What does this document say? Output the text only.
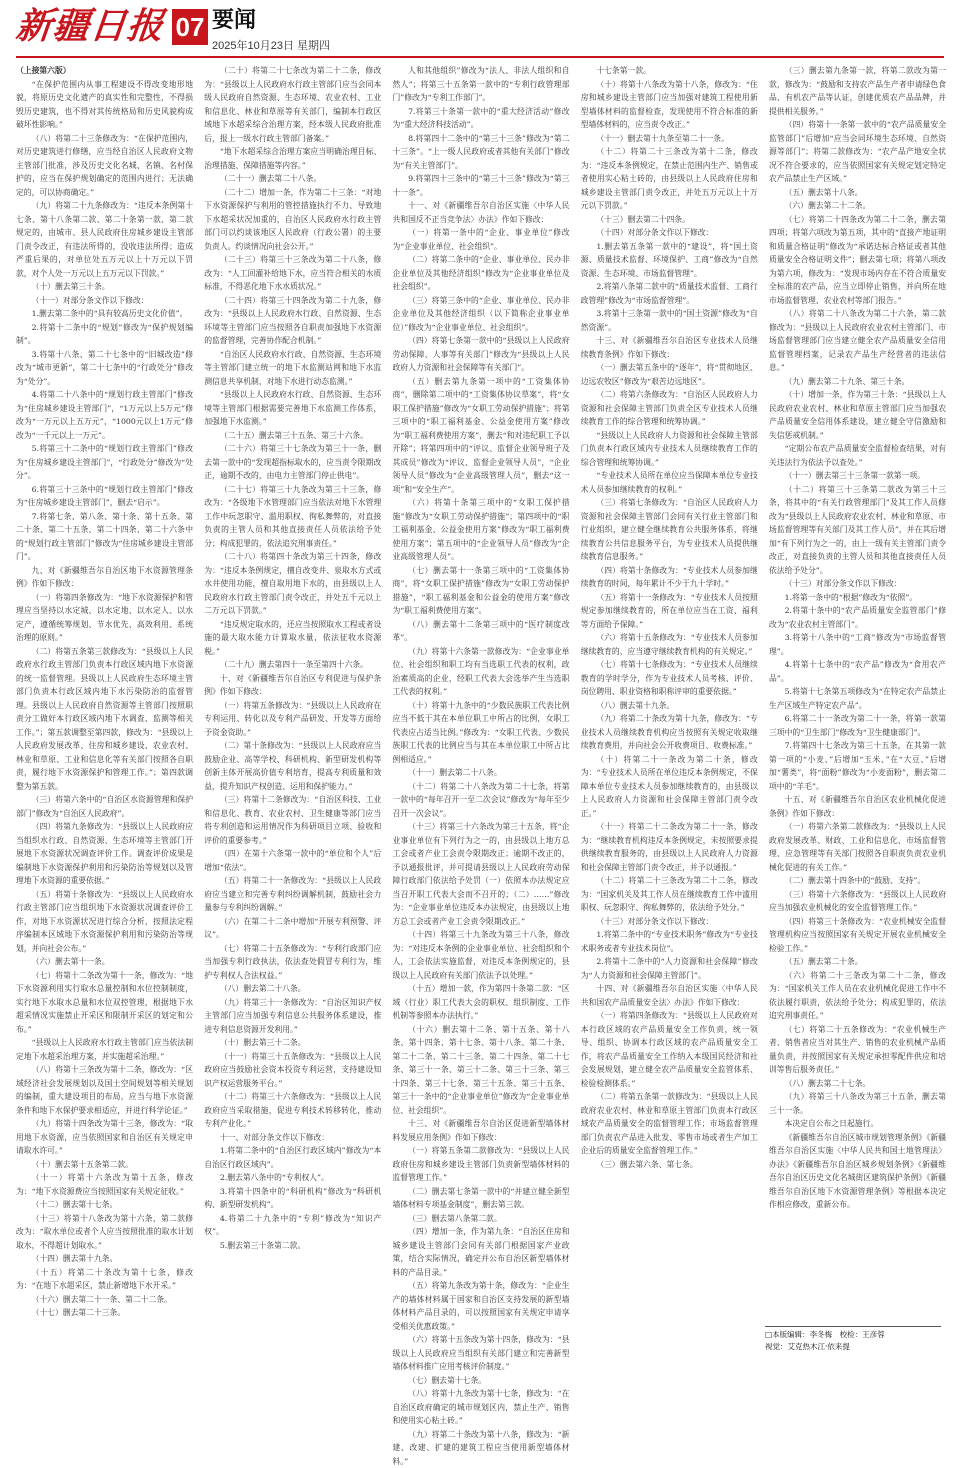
新疆日报 07 要闻
2025年10月23日 星期四

（上接第六版）

“在保护范围内从事工程建设不得改变地形地貌，将原历史文化遗产的真实性和完整性，不得损毁历史建筑，也不得对其传统格局和历史风貌构成破坏性影响。”

（八）将第二十三条修改为：“在保护范围内，对历史建筑进行修缮，应当经自治区人民政府文物主管部门批准，涉及历史文化名城、名镇、名村保护的，应当在保护规划确定的范围内进行；无法确定的，可以协商确定。”

（九）将第二十九条修改为：“违反本条例第十七条、第十八条第二款、第二十条第一款、第二款规定的，由城市、县人民政府住房城乡建设主管部门责令改正，有违法所得的，没收违法所得；造成严重后果的，对单位处五万元以上十万元以下罚款，对个人处一万元以上五万元以下罚款。”

（十）删去第三十条。

（十一）对部分条文作以下修改：

1.删去第二条中的“具有较高历史文化价值”。

2.将第十二条中的“规划”修改为“保护规划编制”。

3.将第十八条、第二十七条中的“旧城改造”修改为“城市更新”，第二十七条中的“行政处分”修改为“处分”。

4.将第二十八条中的“规划行政主管部门”修改为“住房城乡建设主管部门”，“1万元以上5万元”修改为“一万元以上五万元”，“1000元以上1万元”修改为“一千元以上一万元”。

5.将第三十二条中的“规划行政主管部门”修改为“住房城乡建设主管部门”，“行政处分”修改为“处分”。

6.将第三十三条中的“规划行政主管部门”修改为“住房城乡建设主管部门”，删去“启示”。

7.将第七条、第八条、第十条、第十五条、第二十条、第二十五条、第二十四条、第二十六条中的“规划行政主管部门”修改为“住房城乡建设主管部门”。

九、对《新疆维吾尔自治区地下水资源管理条例》作如下修改：

（一）将第四条修改为：“地下水资源保护和管理应当坚持以水定城、以水定地、以水定人、以水定产，遵循统筹规划、节水优先、高效利用、系统治理的原则。”

（二）将第五条第三款修改为：“县级以上人民政府水行政主管部门负责本行政区域内地下水资源的统一监督管理。县级以上人民政府生态环境主管部门负责本行政区域内地下水污染防治的监督管理。县级以上人民政府自然资源等主管部门按照职责分工做好本行政区域内地下水调查、监测等相关工作。”；第五款调整至第四款，修改为：“县级以上人民政府发展改革、住房和城乡建设、农业农村、林业和草原、工业和信息化等有关部门按照各自职责，履行地下水资源保护和管理工作。”；第四款调整为第五款。

（三）将第六条中的“自治区水资源管理和保护部门”修改为“自治区人民政府”。

（四）将第九条修改为：“县级以上人民政府应当组织水行政、自然资源、生态环境等主管部门开展地下水资源状况调查评价工作。调查评价成果是编制地下水资源保护利用和污染防治等规划以及管理地下水资源的重要依据。”

（五）将第十条修改为：“县级以上人民政府水行政主管部门应当组织地下水资源状况调查评价工作，对地下水资源状况进行综合分析，按照法定程序编制本区域地下水资源保护利用和污染防治等规划，并向社会公布。”

（六）删去第十一条。

（七）将第十二条改为第十一条，修改为：“地下水资源利用实行取水总量控制和水位控制制度，实行地下水取水总量和水位双控管理，根据地下水超采情况实施禁止开采区和限制开采区的划定和公布。”

“县级以上人民政府水行政主管部门应当依法制定地下水超采治理方案，并实施超采治理。”

（八）将第十三条改为第十二条，修改为：“区域经济社会发展规划以及国土空间规划等相关规划的编制，重大建设项目的布局，应当与地下水资源条件和地下水保护要求相适应，并进行科学论证。”

（九）将第十四条改为第十三条，修改为：“取用地下水资源，应当依照国家和自治区有关规定申请取水许可。”

（十）删去第十五条第二款。

（十一）将第十六条改为第十五条，修改为：“地下水资源费应当按照国家有关规定征收。”

（十二）删去第十七条。

（十三）将第十八条改为第十六条，第二款修改为：“取水单位或者个人应当按照批准的取水计划取水，不得超计划取水。”

（十四）删去第十九条。

（十五）将第二十条改为第十七条，修改为：“在地下水超采区，禁止新增地下水开采。”

（十六）删去第二十一条、第二十二条。

（十七）删去第二十三条。

（二十）将第二十七条改为第二十二条，修改为：“县级以上人民政府水行政主管部门应当会同本级人民政府自然资源、生态环境、农业农村、工业和信息化、林业和草原等有关部门，编制本行政区域地下水超采综合治理方案，经本级人民政府批准后，报上一级水行政主管部门备案。”

“地下水超采综合治理方案应当明确治理目标、治理措施、保障措施等内容。”

（二十一）删去第二十八条。

（二十二）增加一条，作为第二十三条：“对地下水资源保护与利用的管控措施执行不力、导致地下水超采状况加重的，自治区人民政府水行政主管部门可以约谈该地区人民政府（行政公署）的主要负责人。约谈情况向社会公开。”

（二十三）将第三十三条改为第二十八条，修改为：“人工回灌补给地下水，应当符合相关的水质标准，不得恶化地下水水质状况。”

（二十四）将第三十四条改为第二十九条，修改为：“县级以上人民政府水行政、自然资源、生态环境等主管部门应当按照各自职责加强地下水资源的监督管理，完善协作配合机制。”

“自治区人民政府水行政、自然资源、生态环境等主管部门建立统一的地下水监测站网和地下水监测信息共享机制，对地下水进行动态监测。”

“县级以上人民政府水行政、自然资源、生态环境等主管部门根据需要完善地下水监测工作体系，加强地下水监测。”

（二十五）删去第三十五条、第三十六条。

（二十六）将第三十七条改为第三十一条，删去第一款中的“发现超指标取水的，应当责令限期改正，逾期不改的，由电力主管部门停止供电”。

（二十七）将第三十九条改为第三十三条，修改为：“各级地下水管理部门应当依法对地下水管理工作中玩忽职守、滥用职权、徇私舞弊的，对直接负责的主管人员和其他直接责任人员依法给予处分；构成犯罪的，依法追究刑事责任。”

（二十八）将第四十条改为第三十四条，修改为：“违反本条例规定，擅自改变井、泉取水方式或水井使用功能，擅自取用地下水的，由县级以上人民政府水行政主管部门责令改正，并处五千元以上二万元以下罚款。”

“违反规定取水的，还应当按照取水工程或者设施的最大取水能力计算取水量，依法征收水资源税。”

（二十九）删去第四十一条至第四十六条。

十、对《新疆维吾尔自治区专利促进与保护条例》作如下修改：

（一）将第五条修改为：“县级以上人民政府在专利运用、转化以及专利产品研发、开发等方面给予资金资助。”

（二）第十条修改为：“县级以上人民政府应当鼓励企业、高等学校、科研机构、新型研发机构等创新主体开展高价值专利培育，提高专利质量和效益，提升知识产权创造、运用和保护能力。”

（三）将第十二条修改为：“自治区科技、工业和信息化、教育、农业农村、卫生健康等部门应当将专利创造和运用情况作为科研项目立项、验收和评价的重要参考。”

（四）在第十六条第一款中的“单位和个人”后增加“依法”。

（五）将第二十一条修改为：“县级以上人民政府应当建立和完善专利纠纷调解机制，鼓励社会力量参与专利纠纷调解。”

（六）在第二十二条中增加“开展专利预警、评议”。

（七）将第二十五条修改为：“专利行政部门应当加强专利行政执法，依法查处假冒专利行为，维护专利权人合法权益。”

（八）删去第二十八条。

（九）将第三十一条修改为：“自治区知识产权主管部门应当加强专利信息公共服务体系建设，推进专利信息资源开发利用。”

（十）删去第三十二条。

（十一）将第三十五条修改为：“县级以上人民政府应当鼓励社会资本投资专利运营，支持建设知识产权运营服务平台。”

（十二）将第三十六条修改为：“县级以上人民政府应当采取措施，促进专利技术转移转化，推动专利产业化。”

十一、对部分条文作以下修改：

1.将第二条中的“自治区行政区域内”修改为“本自治区行政区域内”。

2.删去第八条中的“专利权人”。

3.将第十四条中的“科研机构”修改为“科研机构、新型研发机构”。

4.将第二十九条中的“专利”修改为“知识产权”。

5.删去第三十条第二款。

人和其他组织”修改为“法人、非法人组织和自然人”；将第三十五条第一款中的“专利行政管理部门”修改为“专利工作部门”。

7.将第三十条第一款中的“重大经济活动”修改为“重大经济科技活动”。

8.将第四十二条中的“第三十三条”修改为“第二十三条”。“上一级人民政府或者其他有关部门”修改为“有关主管部门”。

9.将第四十三条中的“第三十三条”修改为“第三十一条”。

十一、对《新疆维吾尔自治区实施〈中华人民共和国反不正当竞争法〉办法》作如下修改：

（一）将第一条中的“企业、事业单位”修改为“企业事业单位、社会组织”。

（二）将第二条中的“企业、事业单位、民办非企业单位及其他经济组织”修改为“企业事业单位及社会组织”。

（三）将第三条中的“企业、事业单位、民办非企业单位及其他经济组织（以下简称企业事业单位）”修改为“企业事业单位、社会组织”。

（四）将第七条第一款中的“县级以上人民政府劳动保障、人事等有关部门”修改为“县级以上人民政府人力资源和社会保障等有关部门”。

（五）删去第九条第一项中的“工资集体协商”，删除第二项中的“工资集体协议草案”，将“女职工保护措施”修改为“女职工劳动保护措施”；将第三项中的“职工福利基金、公益金使用方案”修改为“职工福利费使用方案”，删去“和对违纪职工予以开除”；将第四项中的“评议、监督企业领导班子及其成员”修改为“评议、监督企业领导人员”，“企业领导人员”修改为“企业高级管理人员”，删去“这一项”和“安全生产”。

（六）将第十条第三项中的“女职工保护措施”修改为“女职工劳动保护措施”；第四项中的“职工福利基金、公益金使用方案”修改为“职工福利费使用方案”；第五项中的“企业领导人员”修改为“企业高级管理人员”。

（七）删去第十一条第三项中的“工资集体协商”，将“女职工保护措施”修改为“女职工劳动保护措施”，“职工福利基金和公益金的使用方案”修改为“职工福利费使用方案”。

（八）删去第十二条第三项中的“医疗制度改革”。

（九）将第十六条第一款修改为：“企业事业单位、社会组织和职工均有当选职工代表的权利，政治素质高的企业，经职工代表大会选举产生当选职工代表的权利。”

（十）将第十九条中的“少数民族职工代表比例应当不低于其在本单位职工中所占的比例，女职工代表应占适当比例。”修改为：“女职工代表、少数民族职工代表的比例应当与其在本单位职工中所占比例相适应。”

（十一）删去第二十八条。

（十二）将第二十八条改为第二十七条，将第一款中的“每年召开一至二次会议”修改为“每年至少召开一次会议”。

（十三）将第三十六条改为第三十五条，将“企业事业单位有下列行为之一的，由县级以上地方总工会或者产业工会责令限期改正；逾期不改正的，予以通报批评，并可提请县级以上人民政府劳动保障行政部门依法给予处罚（一）依照本办法规定应当召开职工代表大会而不召开的；（二）……”修改为：“企业事业单位违反本办法规定，由县级以上地方总工会或者产业工会责令限期改正。”

（十四）将第三十九条改为第三十八条，修改为：“对违反本条例的企业事业单位、社会组织和个人，工会依法实施监督，对违反本条例规定的，县级以上人民政府有关部门依法予以处理。”

（十五）增加一款，作为第四十条第二款：“区域（行业）职工代表大会的职权、组织制度、工作机制等参照本办法执行。”

（十六）删去第十二条、第十五条、第十八条、第十四条、第十七条、第十八条、第二十条、第二十二条、第二十三条、第二十四条、第二十七条、第三十一条、第三十二条、第三十三条、第三十四条、第三十七条、第三十五条、第三十五条、第三十一条中的“企业事业单位”修改为“企业事业单位、社会组织”。

十三、对《新疆维吾尔自治区促进新型墙体材料发展应用条例》作如下修改：

（一）将第五条第二款修改为：“县级以上人民政府住房和城乡建设主管部门负责新型墙体材料的监督管理工作。”

（二）删去第七条第一款中的“并建立健全新型墙体材料专项基金制度”，删去第三款。

（三）删去第八条第二款。

（四）增加一条，作为第九条：“自治区住房和城乡建设主管部门会同有关部门根据国家产业政策，结合实际情况，确定并公布自治区新型墙体材料的产品目录。”

（五）将第九条改为第十条，修改为：“企业生产的墙体材料属于国家和自治区支持发展的新型墙体材料产品目录的，可以按照国家有关规定申请享受相关优惠政策。”

（六）将第十五条改为第十四条，修改为：“县级以上人民政府应当组织有关部门建立和完善新型墙体材料推广应用考核评价制度。”

（七）删去第十七条。

（八）将第十九条改为第十七条，修改为：“在自治区政府确定的城市规划区内，禁止生产、销售和使用实心粘土砖。”

（九）将第二十条改为第十八条，修改为：“新建、改建、扩建的建筑工程应当使用新型墙体材料。”

十七条第一款。

（十）将第十八条改为第十八条，修改为：“住房和城乡建设主管部门应当加强对建筑工程使用新型墙体材料的监督检查，发现使用不符合标准的新型墙体材料的，应当责令改正。”

（十一）删去第十九条至第二十一条。

（十二）将第二十三条改为第十二条，修改为：“违反本条例规定，在禁止范围内生产、销售或者使用实心粘土砖的，由县级以上人民政府住房和城乡建设主管部门责令改正，并处五万元以上十万元以下罚款。”

（十三）删去第二十四条。

（十四）对部分条文作以下修改：

1.删去第五条第一款中的“建设”，将“国土资源、质量技术监督、环境保护、工商”修改为“自然资源、生态环境、市场监督管理”。

2.将第八条第二款中的“质量技术监督、工商行政管理”修改为“市场监督管理”。

3.将第十三条第一款中的“国土资源”修改为“自然资源”。

十三、对《新疆维吾尔自治区专业技术人员继续教育条例》作如下修改：

（一）删去第五条中的“逐年”，将“贯彻地区、边远农牧区”修改为“艰苦边远地区”。

（二）将第六条修改为：“自治区人民政府人力资源和社会保障主管部门负责全区专业技术人员继续教育工作的综合管理和统筹协调。”

“县级以上人民政府人力资源和社会保障主管部门负责本行政区域内专业技术人员继续教育工作的综合管理和统筹协调。”

“专业技术人员所在单位应当保障本单位专业技术人员参加继续教育的权利。”

（三）将第七条修改为：“自治区人民政府人力资源和社会保障主管部门会同有关行业主管部门和行业组织，建立健全继续教育公共服务体系，将继续教育公共信息服务平台，为专业技术人员提供继续教育信息服务。”

（四）将第十条修改为：“专业技术人员参加继续教育的时间，每年累计不少于九十学时。”

（五）将第十一条修改为：“专业技术人员按照规定参加继续教育的，所在单位应当在工资、福利等方面给予保障。”

（六）将第十五条修改为：“专业技术人员参加继续教育的，应当遵守继续教育机构的有关规定。”

（七）将第十七条修改为：“专业技术人员继续教育的学时学分，作为专业技术人员考核、评价、岗位聘用、职业资格和职称评审的重要依据。”

（八）删去第十九条。

（九）将第二十条改为第十九条，修改为：“专业技术人员继续教育机构应当按照有关规定收取继续教育费用，并向社会公开收费项目、收费标准。”

（十）将第二十一条改为第二十条，修改为：“专业技术人员所在单位违反本条例规定，不保障本单位专业技术人员参加继续教育的，由县级以上人民政府人力资源和社会保障主管部门责令改正。”

（十一）将第二十二条改为第二十一条，修改为：“继续教育机构违反本条例规定，未按照要求提供继续教育服务的，由县级以上人民政府人力资源和社会保障主管部门责令改正，并予以通报。”

（十二）将第二十三条改为第二十二条，修改为：“国家机关及其工作人员在继续教育工作中滥用职权、玩忽职守、徇私舞弊的，依法给予处分。”

（十三）对部分条文作以下修改：

1.将第二条中的“专业技术职务”修改为“专业技术职务或者专业技术岗位”。

2.将第十二条中的“人力资源和社会保障”修改为“人力资源和社会保障主管部门”。

十四、对《新疆维吾尔自治区实施〈中华人民共和国农产品质量安全法〉办法》作如下修改：

（一）将第四条修改为：“县级以上人民政府对本行政区域的农产品质量安全工作负责，统一领导、组织、协调本行政区域的农产品质量安全工作，将农产品质量安全工作纳入本级国民经济和社会发展规划，建立健全农产品质量安全监管体系、检验检测体系。”

（二）将第五条第一款修改为：“县级以上人民政府农业农村、林业和草原主管部门负责本行政区域农产品质量安全的监督管理工作；市场监督管理部门负责农产品进入批发、零售市场或者生产加工企业后的质量安全监督管理工作。”

（三）删去第六条、第七条。

（三）删去第九条第一款，将第二款改为第一款，修改为：“鼓励和支持农产品生产者申请绿色食品、有机农产品等认证，创建优质农产品品牌，并提供相关服务。”

（四）将第十一条第一款中的“农产品质量安全监管部门”后增加“应当会同环境生态环境、自然资源等部门”；将第二款修改为：“农产品产地安全状况不符合要求的，应当依照国家有关规定划定特定农产品禁止生产区域。”

（五）删去第十八条。

（六）删去第二十二条。

（七）将第二十四条改为第二十二条，删去第四项；将第六项改为第五项，其中的“直接产地证明和质量合格证明”修改为“承诺达标合格证或者其他质量安全合格证明文件”；删去第七项；将第八项改为第六项，修改为：“发现市场内存在不符合质量安全标准的农产品，应当立即停止销售，并向所在地市场监督管理、农业农村等部门报告。”

（八）将第二十八条改为第二十六条，第二款修改为：“县级以上人民政府农业农村主管部门、市场监督管理部门应当建立健全农产品质量安全信用监督管理档案，记录农产品生产经营者的违法信息。”

（九）删去第二十九条、第三十条。

（十）增加一条，作为第三十条：“县级以上人民政府农业农村、林业和草原主管部门应当加强农产品质量安全信用体系建设，建立健全守信激励和失信惩戒机制。”

“定期公布农产品质量安全监督检查结果，对有关违法行为依法予以查处。”

（十一）删去第三十三条第一款第一项。

（十二）将第三十三条第二款改为第三十三条，将其中的“有关行政管理部门”及其工作人员修改为“县级以上人民政府农业农村、林业和草原、市场监督管理等有关部门及其工作人员”，并在其后增加“有下列行为之一的，由上一级有关主管部门责令改正，对直接负责的主管人员和其他直接责任人员依法给予处分”。

（十三）对部分条文作以下修改：

1.将第一条中的“根据”修改为“依照”。

2.将第十条中的“农产品质量安全监管部门”修改为“农业农村主管部门”。

3.将第十八条中的“工商”修改为“市场监督管理”。

4.将第十七条中的“农产品”修改为“食用农产品”。

5.将第十七条第五项修改为“在特定农产品禁止生产区域生产特定农产品”。

6.将第二十一条改为第二十一条，将第一款第三项中的“卫生部门”修改为“卫生健康部门”。

7.将第四十七条改为第三十五条，在其第一款第一项的“小麦、”后增加“玉米、”在“大豆、”后增加“薯类”，将“面粉”修改为“小麦面粉”，删去第二项中的“羊毛”。

十五、对《新疆维吾尔自治区农业机械化促进条例》作如下修改：

（一）将第六条第二款修改为：“县级以上人民政府发展改革、财政、工业和信息化、市场监督管理、应急管理等有关部门按照各自职责负责农业机械化促进的有关工作。”

（二）删去第十四条中的“鼓励、支持”。

（三）将第十六条修改为：“县级以上人民政府应当加强农业机械化的安全监督管理工作。”

（四）将第三十条修改为：“农业机械安全监督管理机构应当按照国家有关规定开展农业机械安全检验工作。”

（五）删去第二十条。

（六）将第二十三条改为第二十二条，修改为：“国家机关工作人员在农业机械化促进工作中不依法履行职责，依法给予处分；构成犯罪的，依法追究刑事责任。”

（七）将第二十五条修改为：“农业机械生产者、销售者应当对其生产、销售的农业机械产品质量负责，并按照国家有关规定承担零配件供应和培训等售后服务责任。”

（八）删去第二十七条。

（九）将第三十八条改为第三十五条，删去第三十一条。

本决定自公布之日起施行。

《新疆维吾尔自治区城市规划管理条例》《新疆维吾尔自治区实施〈中华人民共和国土地管理法〉办法》《新疆维吾尔自治区城乡规划条例》《新疆维吾尔自治区历史文化名城街区建筑保护条例》《新疆维吾尔自治区地下水资源管理条例》等根据本决定作相应修改，重新公布。

□本版编辑：李冬梅　校检：王彦蓉
视觉：艾克热木江·依来提
